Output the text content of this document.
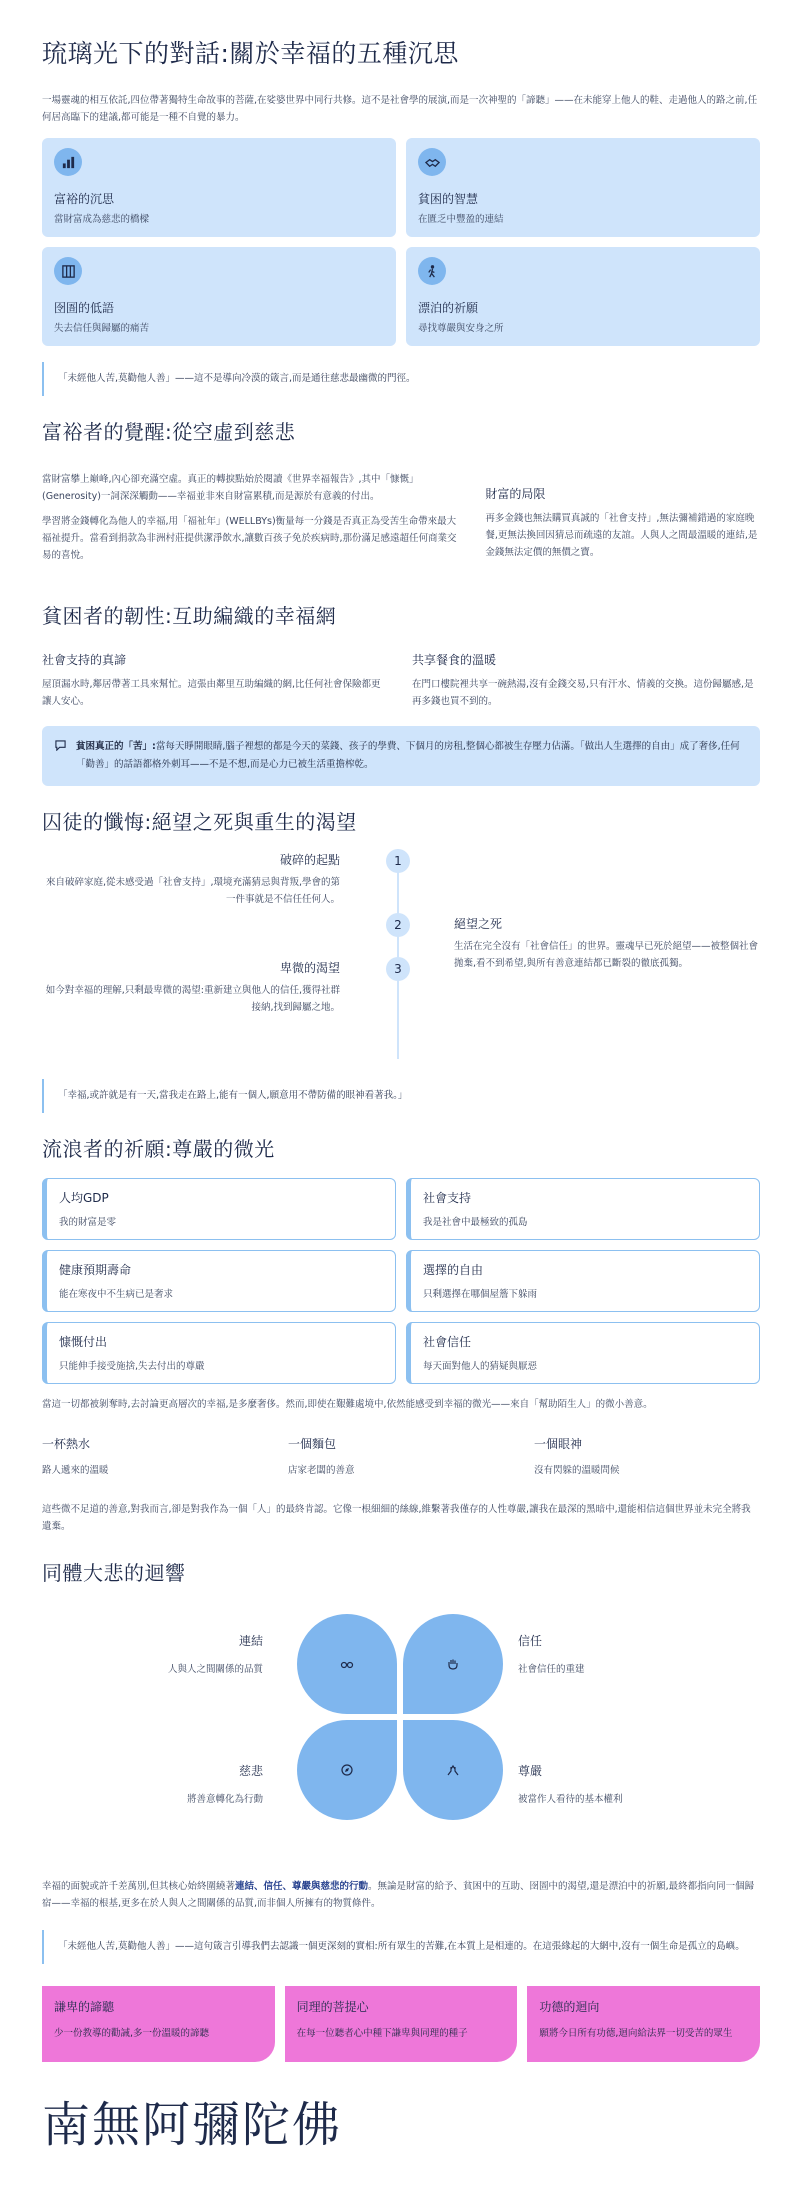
琉璃光下的對話:關於幸福的五種沉思

一場靈魂的相互依託,四位帶著獨特生命故事的菩薩,在娑婆世界中同行共修。這不是社會學的展演,而是一次神聖的「諦聽」——在未能穿上他人的鞋、走過他人的路之前,任何居高臨下的建議,都可能是一種不自覺的暴力。

富裕的沉思
當財富成為慈悲的橋樑
貧困的智慧
在匱乏中豐盈的連結
囹圄的低語
失去信任與歸屬的痛苦
漂泊的祈願
尋找尊嚴與安身之所
「未經他人苦,莫勸他人善」——這不是導向冷漠的箴言,而是通往慈悲最幽微的門徑。
富裕者的覺醒:從空虛到慈悲

當財富攀上巔峰,內心卻充滿空虛。真正的轉捩點始於閱讀《世界幸福報告》,其中「慷慨」(Generosity)一詞深深觸動——幸福並非來自財富累積,而是源於有意義的付出。

學習將金錢轉化為他人的幸福,用「福祉年」(WELLBYs)衡量每一分錢是否真正為受苦生命帶來最大福祉提升。當看到捐款為非洲村莊提供潔淨飲水,讓數百孩子免於疾病時,那份滿足感遠超任何商業交易的喜悅。

財富的局限

再多金錢也無法購買真誠的「社會支持」,無法彌補錯過的家庭晚餐,更無法換回因猜忌而疏遠的友誼。人與人之間最溫暖的連結,是金錢無法定價的無價之寶。

貧困者的韌性:互助編織的幸福網
社會支持的真諦

屋頂漏水時,鄰居帶著工具來幫忙。這張由鄰里互助編織的網,比任何社會保險都更讓人安心。

共享餐食的溫暖

在門口樓院裡共享一碗熱湯,沒有金錢交易,只有汗水、情義的交換。這份歸屬感,是再多錢也買不到的。

貧困真正的「苦」:當每天睜開眼睛,腦子裡想的都是今天的菜錢、孩子的學費、下個月的房租,整個心都被生存壓力佔滿。「做出人生選擇的自由」成了奢侈,任何「勸善」的話語都格外刺耳——不是不想,而是心力已被生活重擔榨乾。
囚徒的懺悔:絕望之死與重生的渴望
1
2
3
破碎的起點

來自破碎家庭,從未感受過「社會支持」,環境充滿猜忌與背叛,學會的第一件事就是不信任任何人。

絕望之死

生活在完全沒有「社會信任」的世界。靈魂早已死於絕望——被整個社會拋棄,看不到希望,與所有善意連結都已斷裂的徹底孤獨。

卑微的渴望

如今對幸福的理解,只剩最卑微的渴望:重新建立與他人的信任,獲得社群接納,找到歸屬之地。

「幸福,或許就是有一天,當我走在路上,能有一個人,願意用不帶防備的眼神看著我。」
流浪者的祈願:尊嚴的微光
人均GDP
我的財富是零
社會支持
我是社會中最極致的孤島
健康預期壽命
能在寒夜中不生病已是奢求
選擇的自由
只剩選擇在哪個屋簷下躲雨
慷慨付出
只能伸手接受施捨,失去付出的尊嚴
社會信任
每天面對他人的猜疑與厭惡

當這一切都被剝奪時,去討論更高層次的幸福,是多麼奢侈。然而,即使在艱難處境中,依然能感受到幸福的微光——來自「幫助陌生人」的微小善意。

一杯熱水
路人遞來的溫暖
一個麵包
店家老闆的善意
一個眼神
沒有閃躲的溫暖問候

這些微不足道的善意,對我而言,卻是對我作為一個「人」的最終肯認。它像一根細細的絲線,維繫著我僅存的人性尊嚴,讓我在最深的黑暗中,還能相信這個世界並未完全將我遺棄。

同體大悲的迴響
連結
人與人之間關係的品質
信任
社會信任的重建
慈悲
將善意轉化為行動
尊嚴
被當作人看待的基本權利

幸福的面貌或許千差萬別,但其核心始終圍繞著連結、信任、尊嚴與慈悲的行動。無論是財富的給予、貧困中的互助、囹圄中的渴望,還是漂泊中的祈願,最終都指向同一個歸宿——幸福的根基,更多在於人與人之間關係的品質,而非個人所擁有的物質條件。

「未經他人苦,莫勸他人善」——這句箴言引導我們去認識一個更深刻的實相:所有眾生的苦難,在本質上是相連的。在這張緣起的大網中,沒有一個生命是孤立的島嶼。
謙卑的諦聽
少一份教導的勸誡,多一份溫暖的諦聽
同理的菩提心
在每一位聽者心中種下謙卑與同理的種子
功德的迴向
願將今日所有功德,迴向給法界一切受苦的眾生
南無阿彌陀佛
